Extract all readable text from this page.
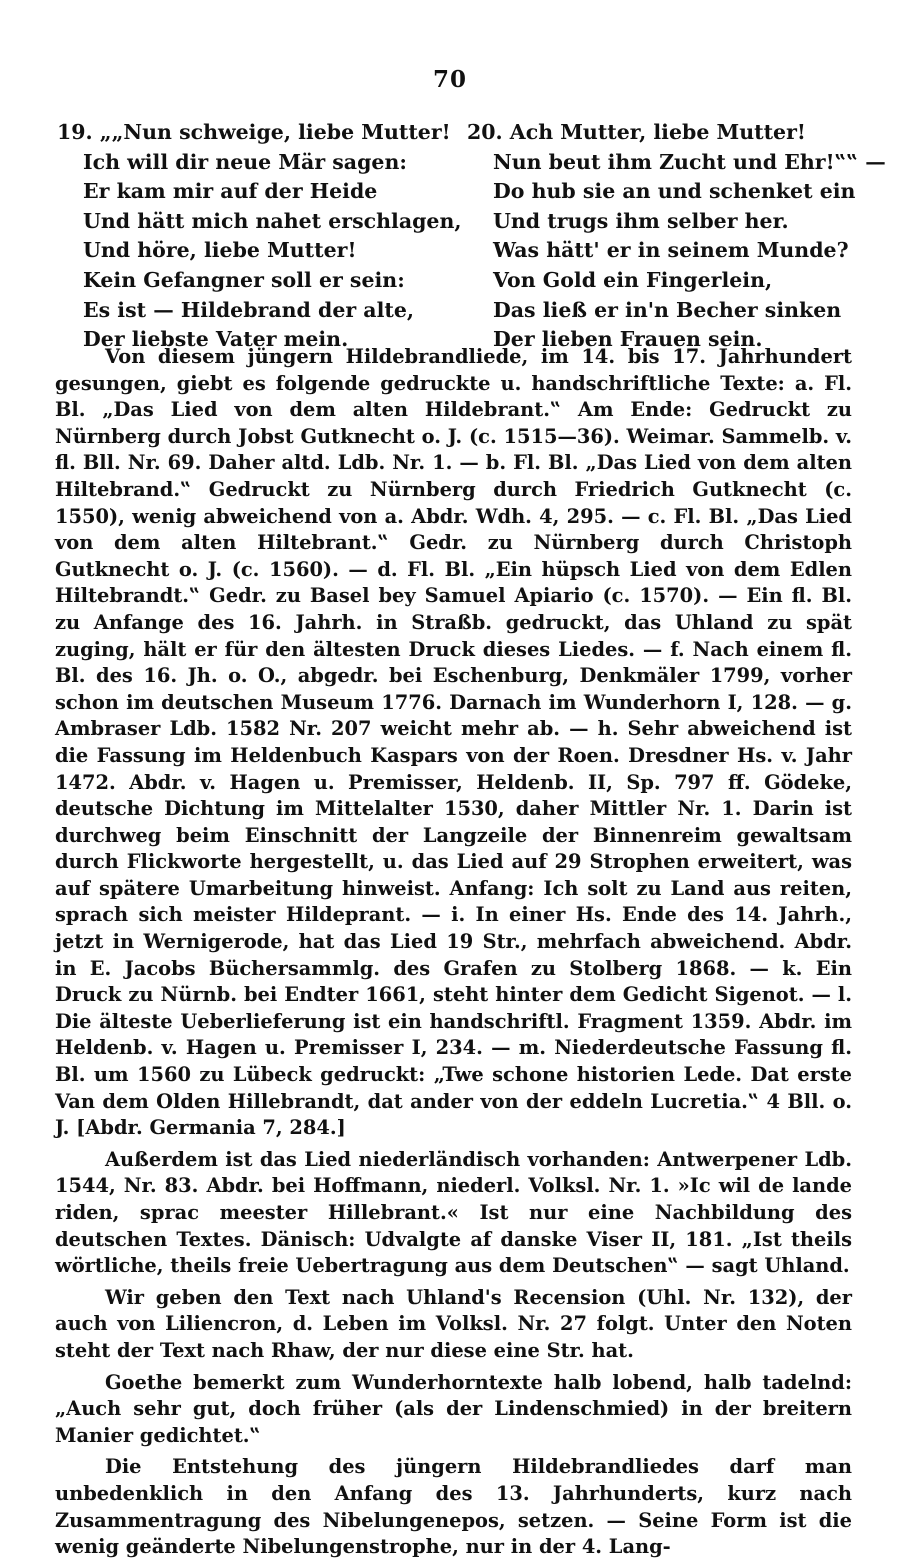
70
19. „„Nun schweige, liebe Mutter!
Ich will dir neue Mär sagen:
Er kam mir auf der Heide
Und hätt mich nahet erschlagen,
Und höre, liebe Mutter!
Kein Gefangner soll er sein:
Es ist — Hildebrand der alte,
Der liebste Vater mein.
20. Ach Mutter, liebe Mutter!
Nun beut ihm Zucht und Ehr!‟‟ —
Do hub sie an und schenket ein
Und trugs ihm selber her.
Was hätt' er in seinem Munde?
Von Gold ein Fingerlein,
Das ließ er in'n Becher sinken
Der lieben Frauen sein.

Von diesem jüngern Hildebrandliede, im 14. bis 17. Jahrhundert gesungen, giebt es folgende gedruckte u. handschriftliche Texte: a. Fl. Bl. „Das Lied von dem alten Hildebrant.‟ Am Ende: Gedruckt zu Nürnberg durch Jobst Gutknecht o. J. (c. 1515—36). Weimar. Sammelb. v. fl. Bll. Nr. 69. Daher altd. Ldb. Nr. 1. — b. Fl. Bl. „Das Lied von dem alten Hiltebrand.‟ Gedruckt zu Nürnberg durch Friedrich Gutknecht (c. 1550), wenig abweichend von a. Abdr. Wdh. 4, 295. — c. Fl. Bl. „Das Lied von dem alten Hiltebrant.‟ Gedr. zu Nürnberg durch Christoph Gutknecht o. J. (c. 1560). — d. Fl. Bl. „Ein hüpsch Lied von dem Edlen Hiltebrandt.‟ Gedr. zu Basel bey Samuel Apiario (c. 1570). — Ein fl. Bl. zu Anfange des 16. Jahrh. in Straßb. gedruckt, das Uhland zu spät zuging, hält er für den ältesten Druck dieses Liedes. — f. Nach einem fl. Bl. des 16. Jh. o. O., abgedr. bei Eschenburg, Denkmäler 1799, vorher schon im deutschen Museum 1776. Darnach im Wunderhorn I, 128. — g. Ambraser Ldb. 1582 Nr. 207 weicht mehr ab. — h. Sehr abweichend ist die Fassung im Heldenbuch Kaspars von der Roen. Dresdner Hs. v. Jahr 1472. Abdr. v. Hagen u. Premisser, Heldenb. II, Sp. 797 ff. Gödeke, deutsche Dichtung im Mittelalter 1530, daher Mittler Nr. 1. Darin ist durchweg beim Einschnitt der Langzeile der Binnenreim gewaltsam durch Flickworte hergestellt, u. das Lied auf 29 Strophen erweitert, was auf spätere Umarbeitung hinweist. Anfang: Ich solt zu Land aus reiten, sprach sich meister Hildeprant. — i. In einer Hs. Ende des 14. Jahrh., jetzt in Wernigerode, hat das Lied 19 Str., mehrfach abweichend. Abdr. in E. Jacobs Büchersammlg. des Grafen zu Stolberg 1868. — k. Ein Druck zu Nürnb. bei Endter 1661, steht hinter dem Gedicht Sigenot. — l. Die älteste Ueberlieferung ist ein handschriftl. Fragment 1359. Abdr. im Heldenb. v. Hagen u. Premisser I, 234. — m. Niederdeutsche Fassung fl. Bl. um 1560 zu Lübeck gedruckt: „Twe schone historien Lede. Dat erste Van dem Olden Hillebrandt, dat ander von der eddeln Lucretia.‟ 4 Bll. o. J. [Abdr. Germania 7, 284.]

Außerdem ist das Lied niederländisch vorhanden: Antwerpener Ldb. 1544, Nr. 83. Abdr. bei Hoffmann, niederl. Volksl. Nr. 1. »Ic wil de lande riden, sprac meester Hillebrant.« Ist nur eine Nachbildung des deutschen Textes. Dänisch: Udvalgte af danske Viser II, 181. „Ist theils wörtliche, theils freie Uebertragung aus dem Deutschen‟ — sagt Uhland.

Wir geben den Text nach Uhland's Recension (Uhl. Nr. 132), der auch von Liliencron, d. Leben im Volksl. Nr. 27 folgt. Unter den Noten steht der Text nach Rhaw, der nur diese eine Str. hat.

Goethe bemerkt zum Wunderhorntexte halb lobend, halb tadelnd: „Auch sehr gut, doch früher (als der Lindenschmied) in der breitern Manier gedichtet.‟

Die Entstehung des jüngern Hildebrandliedes darf man unbedenklich in den Anfang des 13. Jahrhunderts, kurz nach Zusammentragung des Nibelungenepos, setzen. — Seine Form ist die wenig geänderte Nibelungenstrophe, nur in der 4. Lang-
